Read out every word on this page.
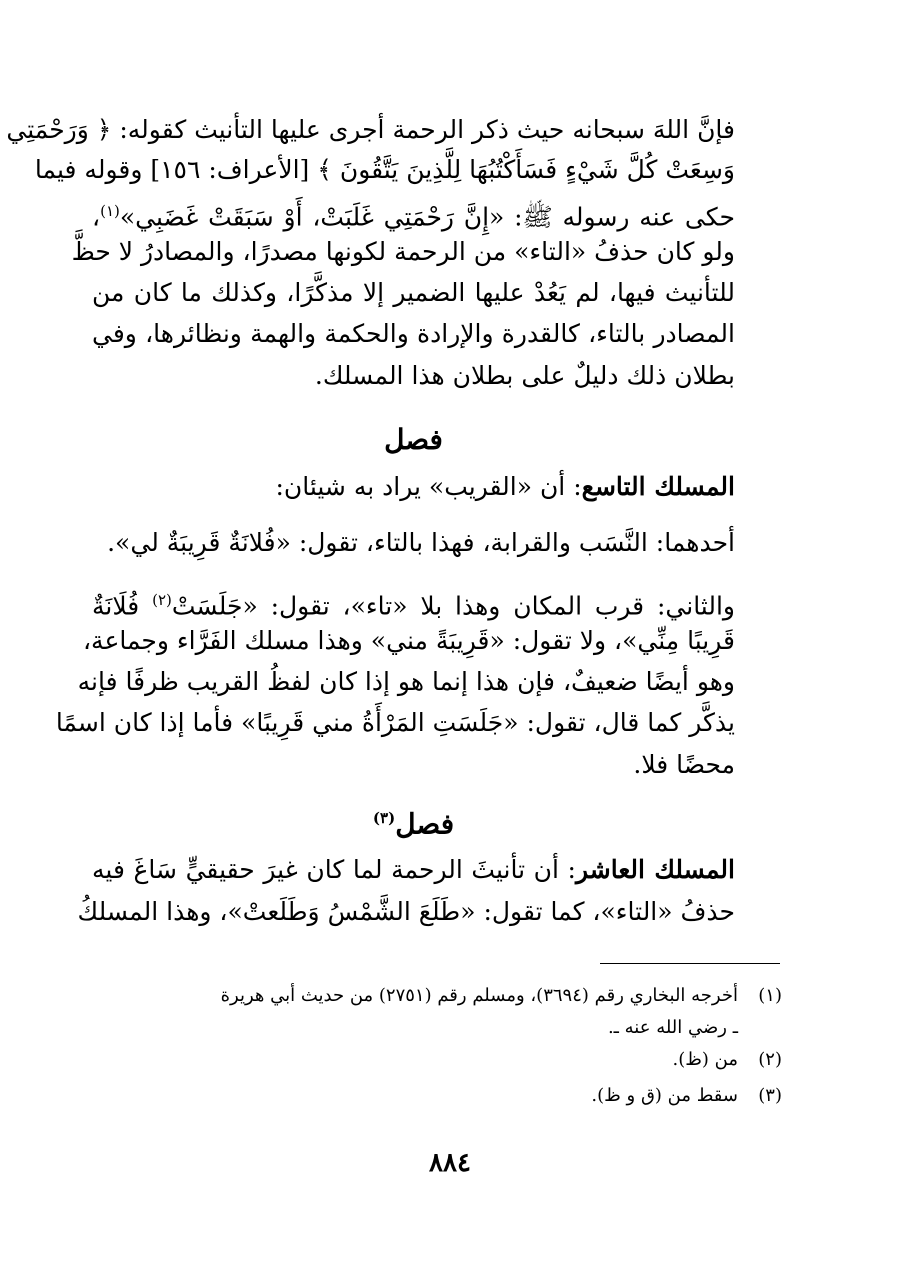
فإنَّ اللهَ سبحانه حيث ذكر الرحمة أجرى عليها التأنيث كقوله: ﴿ وَرَحْمَتِي
وَسِعَتْ كُلَّ شَيْءٍ فَسَأَكْتُبُهَا لِلَّذِينَ يَتَّقُونَ ﴾ [الأعراف: ١٥٦] وقوله فيما
حكى عنه رسوله ﷺ: «إِنَّ رَحْمَتِي غَلَبَتْ، أَوْ سَبَقَتْ غَضَبِي»$^{(١)}$،
ولو كان حذفُ «التاء» من الرحمة لكونها مصدرًا، والمصادرُ لا حظَّ
للتأنيث فيها، لم يَعُدْ عليها الضمير إلا مذكَّرًا، وكذلك ما كان من
المصادر بالتاء، كالقدرة والإرادة والحكمة والهمة ونظائرها، وفي
بطلان ذلك دليلٌ على بطلان هذا المسلك.
فصل
المسلك التاسع: أن «القريب» يراد به شيئان:
أحدهما: النَّسَب والقرابة، فهذا بالتاء، تقول: «فُلانَةٌ قَرِيبَةٌ لي».
والثاني: قرب المكان وهذا بلا «تاء»، تقول: «جَلَسَتْ$^{(٢)}$ فُلَانَةٌ
قَرِيبًا مِنِّي»، ولا تقول: «قَرِيبَةً مني» وهذا مسلك الفَرَّاء وجماعة،
وهو أيضًا ضعيفٌ، فإن هذا إنما هو إذا كان لفظُ القريب ظرفًا فإنه
يذكَّر كما قال، تقول: «جَلَسَتِ المَرْأَةُ مني قَرِيبًا» فأما إذا كان اسمًا
محضًا فلا.
فصل$^{(٣)}$
المسلك العاشر: أن تأنيثَ الرحمة لما كان غيرَ حقيقيٍّ سَاغَ فيه
حذفُ «التاء»، كما تقول: «طَلَعَ الشَّمْسُ وَطَلَعتْ»، وهذا المسلكُ
(١)أخرجه البخاري رقم (٣٦٩٤)، ومسلم رقم (٢٧٥١) من حديث أبي هريرة
ـ رضي الله عنه ـ.
(٢)من (ظ).
(٣)سقط من (ق و ظ).
٨٨٤
